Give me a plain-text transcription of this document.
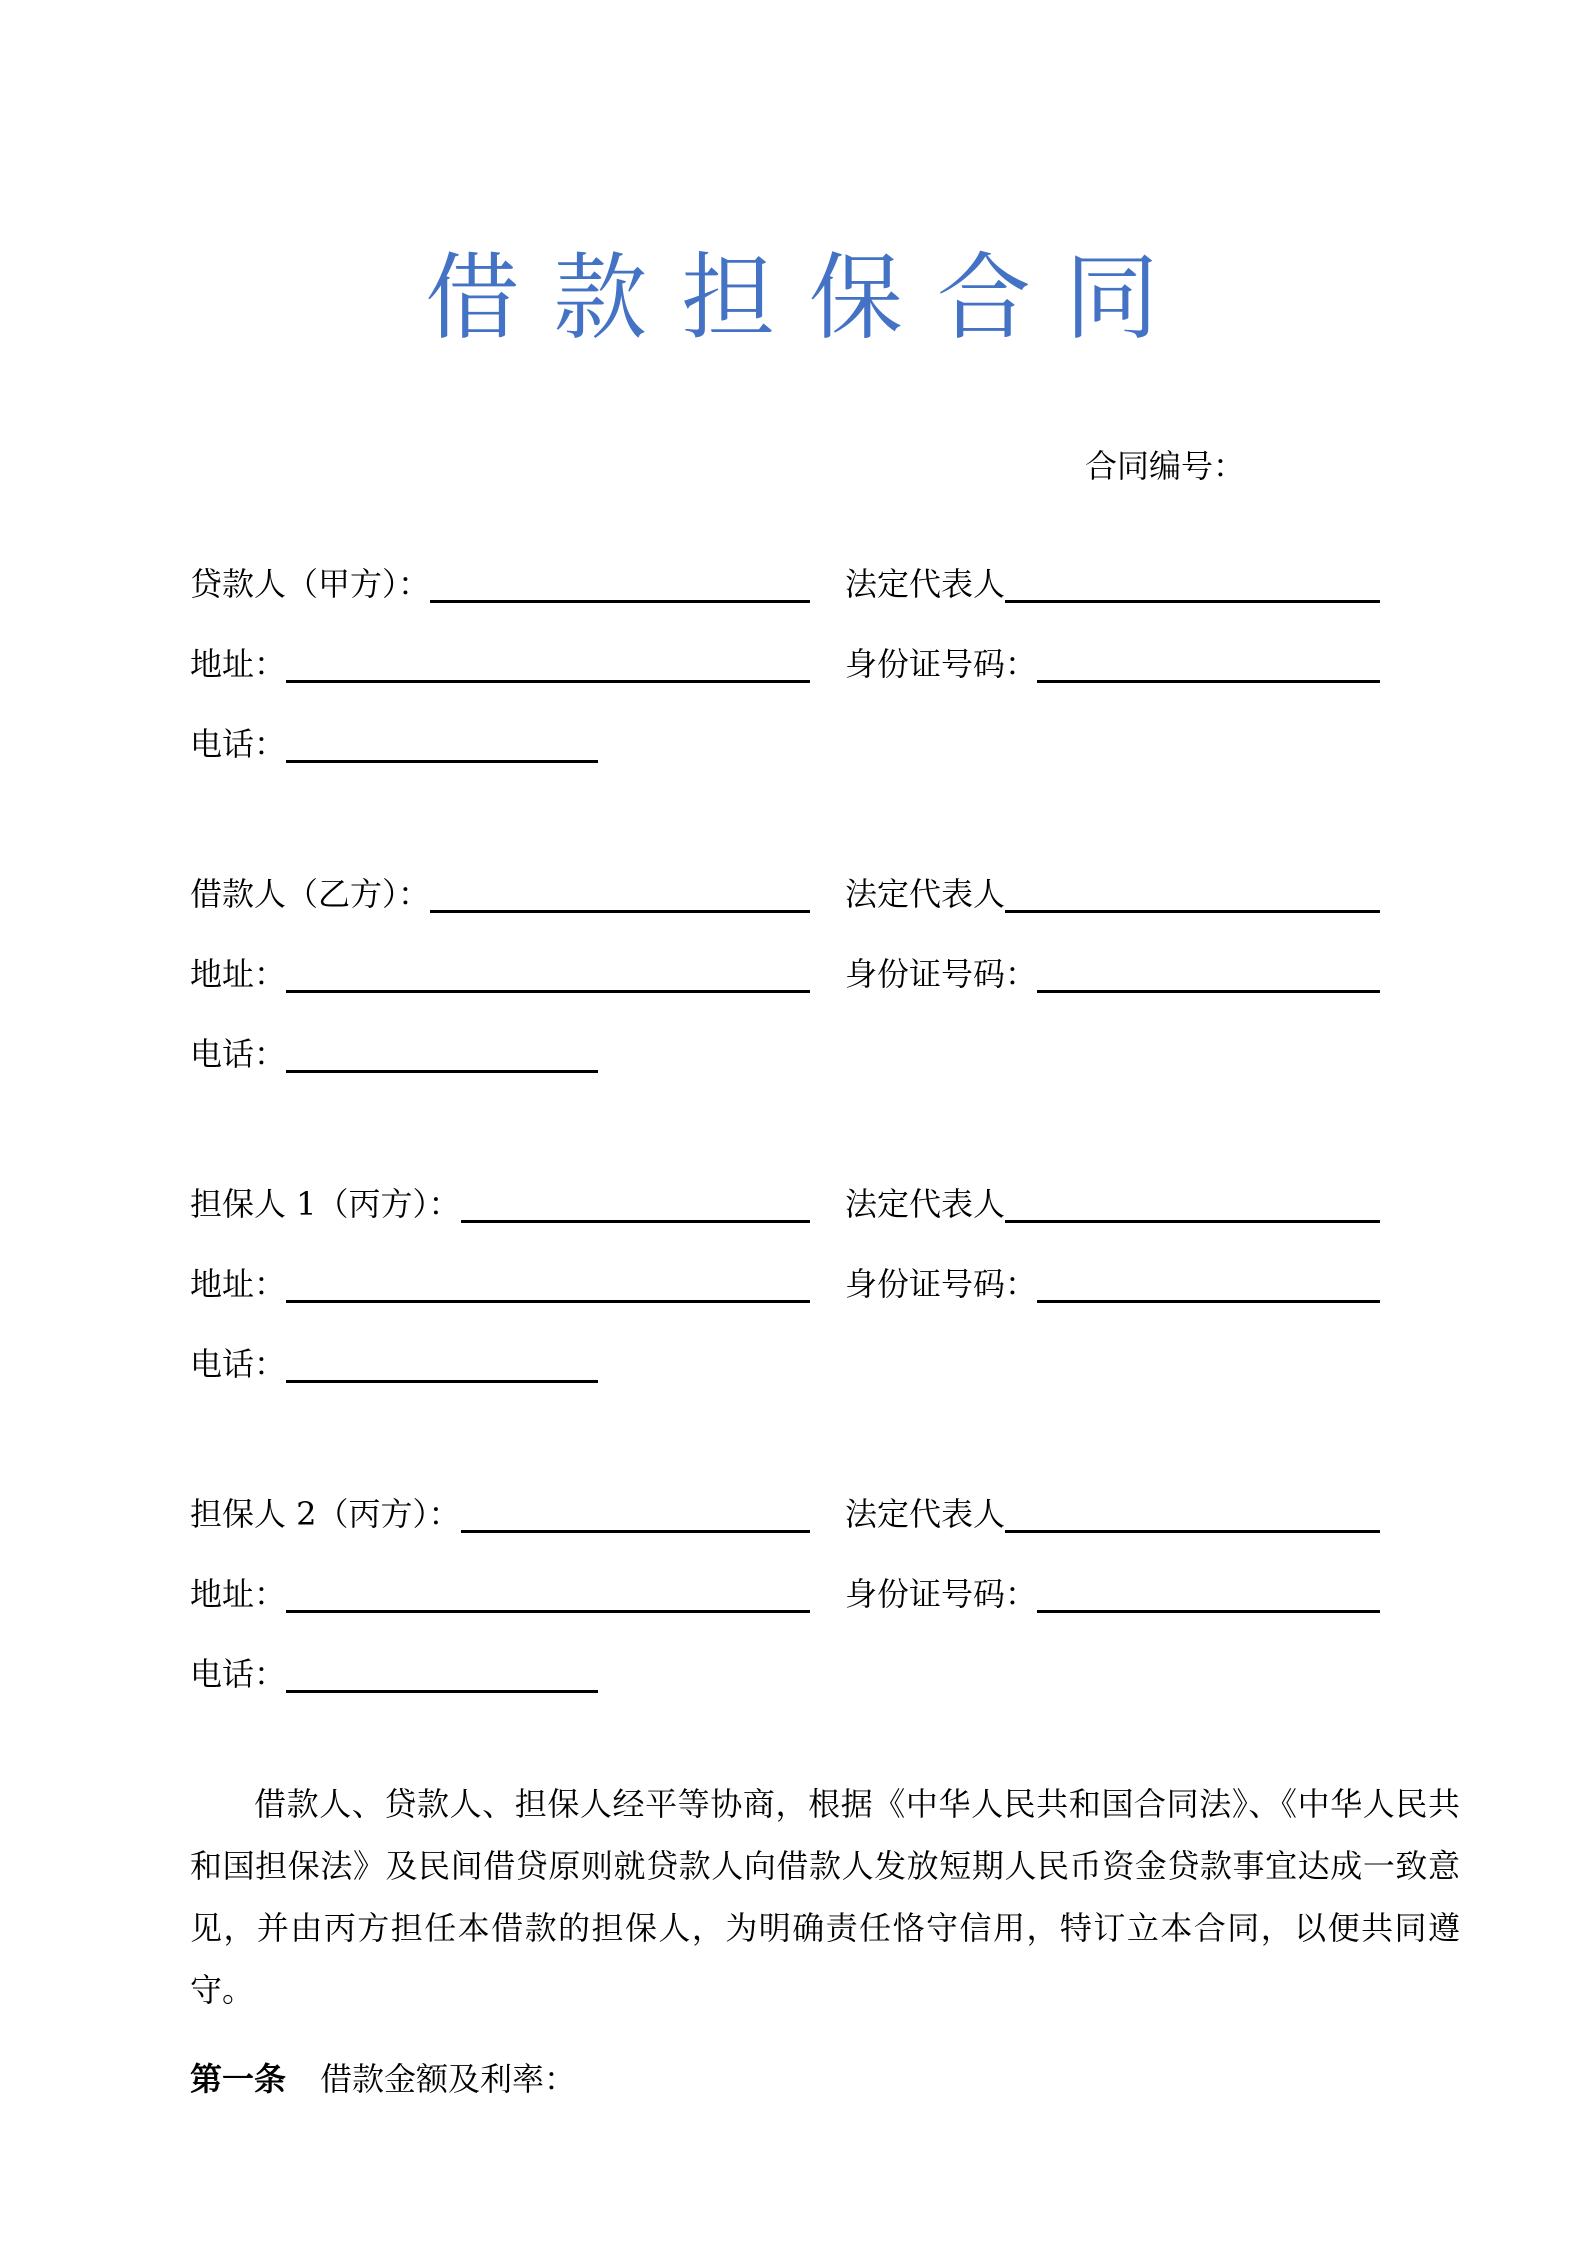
借 款 担 保 合 同
合同编号：
贷款人（甲方）：	法定代表人
地址：	身份证号码：
电话：
借款人（乙方）：	法定代表人
地址：	身份证号码：
电话：
担保人 1（丙方）：	法定代表人
地址：	身份证号码：
电话：
担保人 2（丙方）：	法定代表人
地址：	身份证号码：
电话：

借款人、贷款人、担保人经平等协商，根据《中华人民共和国合同法》、《中华人民共和国担保法》及民间借贷原则就贷款人向借款人发放短期人民币资金贷款事宜达成一致意见，并由丙方担任本借款的担保人，为明确责任恪守信用，特订立本合同，以便共同遵守。

第一条 借款金额及利率：
